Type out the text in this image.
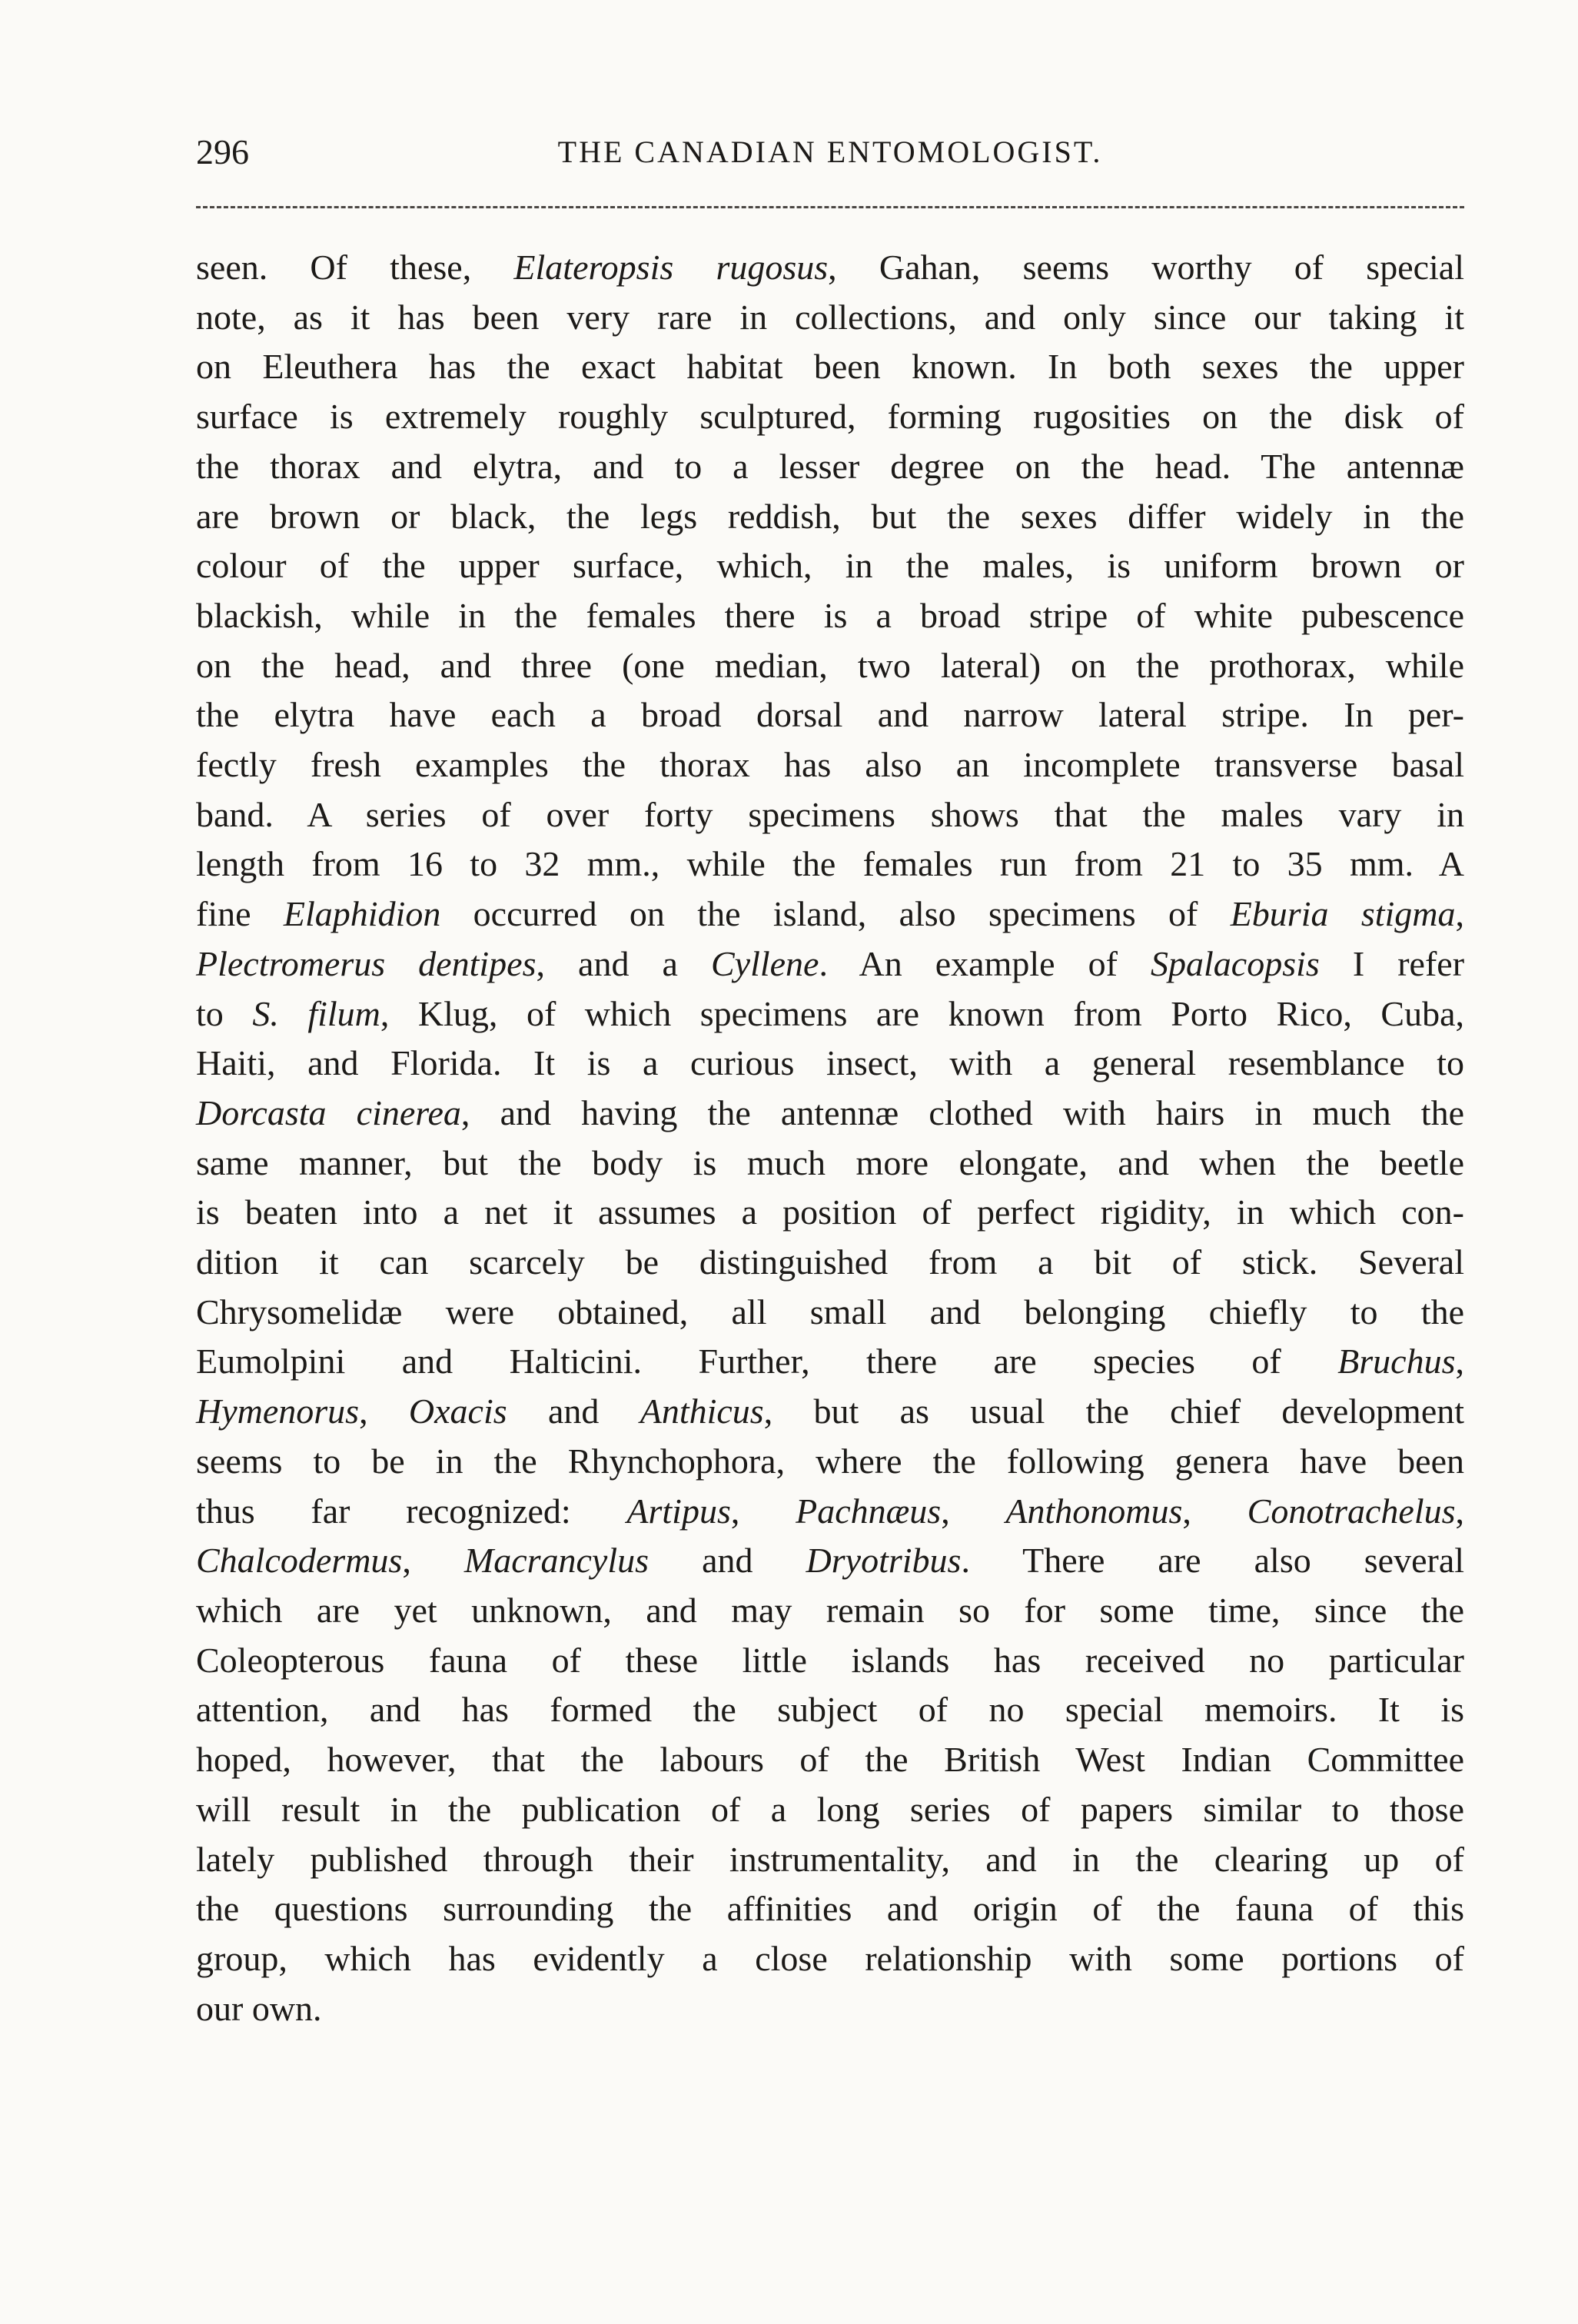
296	THE CANADIAN ENTOMOLOGIST.
seen. Of these, Elateropsis rugosus, Gahan, seems worthy of special
note, as it has been very rare in collections, and only since our taking it
on Eleuthera has the exact habitat been known. In both sexes the upper
surface is extremely roughly sculptured, forming rugosities on the disk of
the thorax and elytra, and to a lesser degree on the head. The antennæ
are brown or black, the legs reddish, but the sexes differ widely in the
colour of the upper surface, which, in the males, is uniform brown or
blackish, while in the females there is a broad stripe of white pubescence
on the head, and three (one median, two lateral) on the prothorax, while
the elytra have each a broad dorsal and narrow lateral stripe. In per-
fectly fresh examples the thorax has also an incomplete transverse basal
band. A series of over forty specimens shows that the males vary in
length from 16 to 32 mm., while the females run from 21 to 35 mm. A
fine Elaphidion occurred on the island, also specimens of Eburia stigma,
Plectromerus dentipes, and a Cyllene. An example of Spalacopsis I refer
to S. filum, Klug, of which specimens are known from Porto Rico, Cuba,
Haiti, and Florida. It is a curious insect, with a general resemblance to
Dorcasta cinerea, and having the antennæ clothed with hairs in much the
same manner, but the body is much more elongate, and when the beetle
is beaten into a net it assumes a position of perfect rigidity, in which con-
dition it can scarcely be distinguished from a bit of stick. Several
Chrysomelidæ were obtained, all small and belonging chiefly to the
Eumolpini and Halticini. Further, there are species of Bruchus,
Hymenorus, Oxacis and Anthicus, but as usual the chief development
seems to be in the Rhynchophora, where the following genera have been
thus far recognized: Artipus, Pachnæus, Anthonomus, Conotrachelus,
Chalcodermus, Macrancylus and Dryotribus. There are also several
which are yet unknown, and may remain so for some time, since the
Coleopterous fauna of these little islands has received no particular
attention, and has formed the subject of no special memoirs. It is
hoped, however, that the labours of the British West Indian Committee
will result in the publication of a long series of papers similar to those
lately published through their instrumentality, and in the clearing up of
the questions surrounding the affinities and origin of the fauna of this
group, which has evidently a close relationship with some portions of
our own.
